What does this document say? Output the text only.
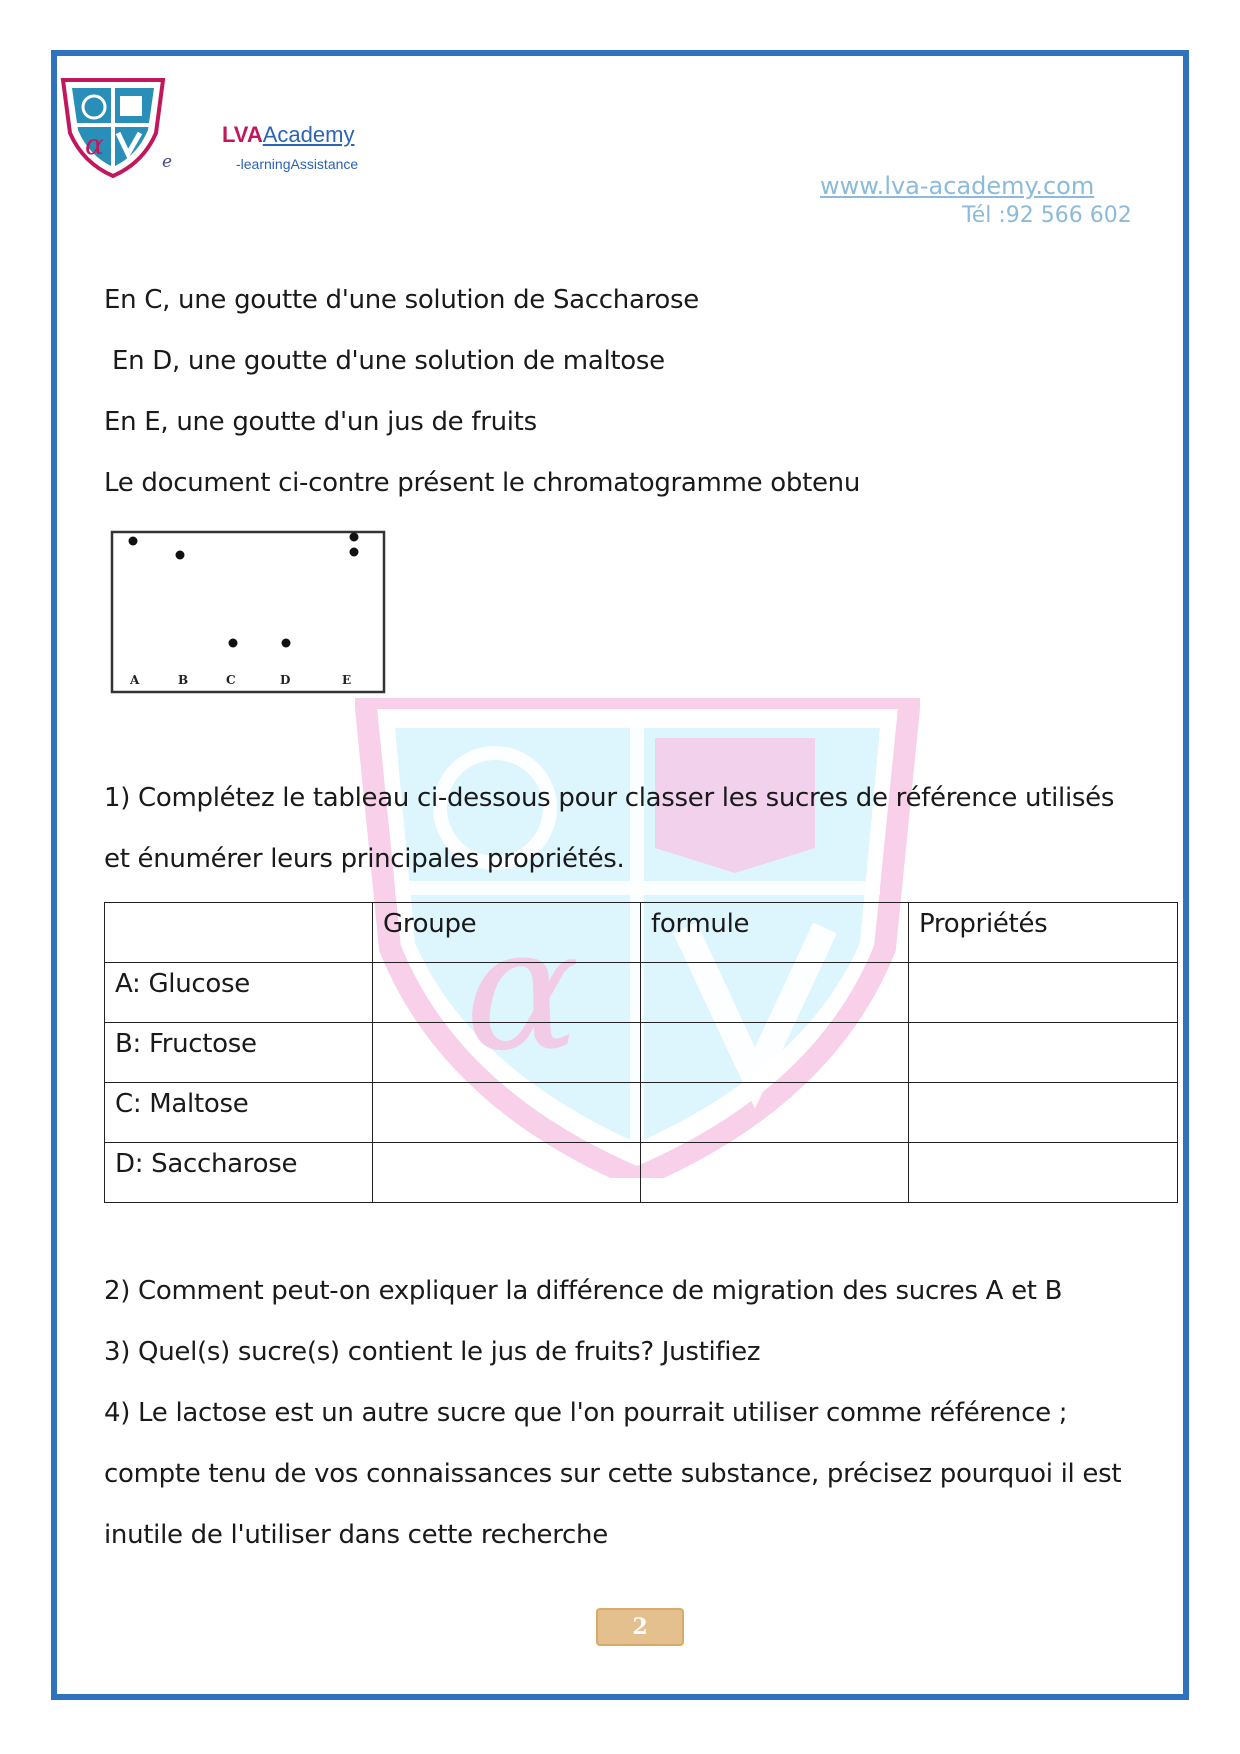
α
α
e
LVAAcademy
-learningAssistance
www.lva-academy.com
Tél :92 566 602
En C, une goutte d'une solution de Saccharose
En D, une goutte d'une solution de maltose
En E, une goutte d'un jus de fruits
Le document ci-contre présent le chromatogramme obtenu
A	B	C	D	E
1) Complétez le tableau ci-dessous pour classer les sucres de référence utilisés
et énumérer leurs principales propriétés.
	Groupe	formule	Propriétés
A: Glucose			
B: Fructose			
C: Maltose			
D: Saccharose			
2) Comment peut-on expliquer la différence de migration des sucres A et B
3) Quel(s) sucre(s) contient le jus de fruits? Justifiez
4) Le lactose est un autre sucre que l'on pourrait utiliser comme référence ;
compte tenu de vos connaissances sur cette substance, précisez pourquoi il est
inutile de l'utiliser dans cette recherche
2
